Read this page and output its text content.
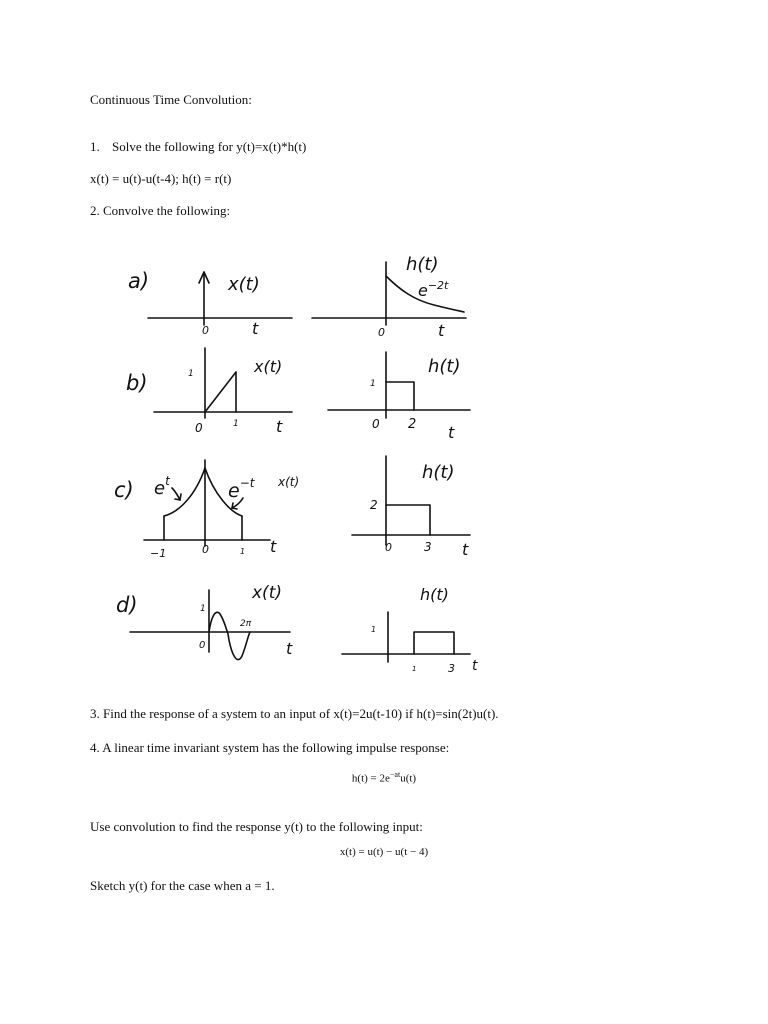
Continuous Time Convolution:
1. Solve the following for y(t)=x(t)*h(t)
x(t) = u(t)-u(t-4); h(t) = r(t)
2. Convolve the following:
a)	x(t)
0	t
h(t)
$e^{-2t}$
0	t
b)
x(t)
1
0	1 t
h(t)
1
0 2 t
c) $e^t$	$e^{-t}$ x(t)
−1	0	1 t
h(t)
2
0	3 t
d)	x(t)
1
2π
0	t
h(t)
1
1	3 t
3. Find the response of a system to an input of x(t)=2u(t-10) if h(t)=sin(2t)u(t).
4. A linear time invariant system has the following impulse response:
$h(t) = 2e^{-at}u(t)$
Use convolution to find the response y(t) to the following input:
x(t) = u(t) − u(t − 4)
Sketch y(t) for the case when a = 1.
